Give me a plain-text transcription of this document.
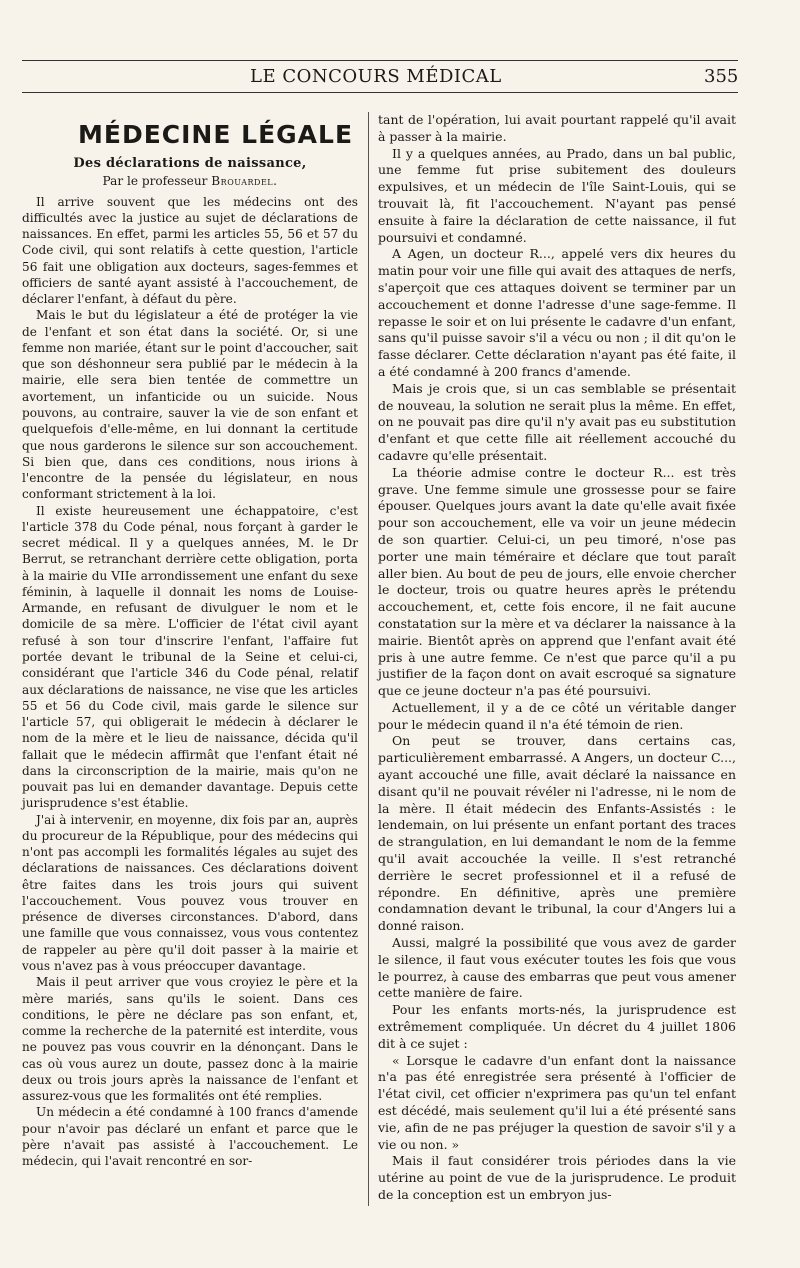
LE CONCOURS MÉDICAL	355
MÉDECINE LÉGALE
Des déclarations de naissance,
Par le professeur Brouardel.

Il arrive souvent que les médecins ont des difficultés avec la justice au sujet de déclarations de naissances. En effet, parmi les articles 55, 56 et 57 du Code civil, qui sont relatifs à cette question, l'article 56 fait une obligation aux docteurs, sages-femmes et officiers de santé ayant assisté à l'accouchement, de déclarer l'enfant, à défaut du père.

Mais le but du législateur a été de protéger la vie de l'enfant et son état dans la société. Or, si une femme non mariée, étant sur le point d'accoucher, sait que son déshonneur sera publié par le médecin à la mairie, elle sera bien tentée de commettre un avortement, un infanticide ou un suicide. Nous pouvons, au contraire, sauver la vie de son enfant et quelquefois d'elle-même, en lui donnant la certitude que nous garderons le silence sur son accouchement. Si bien que, dans ces conditions, nous irions à l'encontre de la pensée du législateur, en nous conformant strictement à la loi.

Il existe heureusement une échappatoire, c'est l'article 378 du Code pénal, nous forçant à garder le secret médical. Il y a quelques années, M. le Dr Berrut, se retranchant derrière cette obligation, porta à la mairie du VIIe arrondissement une enfant du sexe féminin, à laquelle il donnait les noms de Louise-Armande, en refusant de divulguer le nom et le domicile de sa mère. L'officier de l'état civil ayant refusé à son tour d'inscrire l'enfant, l'affaire fut portée devant le tribunal de la Seine et celui-ci, considérant que l'article 346 du Code pénal, relatif aux déclarations de naissance, ne vise que les articles 55 et 56 du Code civil, mais garde le silence sur l'article 57, qui obligerait le médecin à déclarer le nom de la mère et le lieu de naissance, décida qu'il fallait que le médecin affirmât que l'enfant était né dans la circonscription de la mairie, mais qu'on ne pouvait pas lui en demander davantage. Depuis cette jurisprudence s'est établie.

J'ai à intervenir, en moyenne, dix fois par an, auprès du procureur de la République, pour des médecins qui n'ont pas accompli les formalités légales au sujet des déclarations de naissances. Ces déclarations doivent être faites dans les trois jours qui suivent l'accouchement. Vous pouvez vous trouver en présence de diverses circonstances. D'abord, dans une famille que vous connaissez, vous vous contentez de rappeler au père qu'il doit passer à la mairie et vous n'avez pas à vous préoccuper davantage.

Mais il peut arriver que vous croyiez le père et la mère mariés, sans qu'ils le soient. Dans ces conditions, le père ne déclare pas son enfant, et, comme la recherche de la paternité est interdite, vous ne pouvez pas vous couvrir en la dénonçant. Dans le cas où vous aurez un doute, passez donc à la mairie deux ou trois jours après la naissance de l'enfant et assurez-vous que les formalités ont été remplies.

Un médecin a été condamné à 100 francs d'amende pour n'avoir pas déclaré un enfant et parce que le père n'avait pas assisté à l'accouchement. Le médecin, qui l'avait rencontré en sor-

tant de l'opération, lui avait pourtant rappelé qu'il avait à passer à la mairie.

Il y a quelques années, au Prado, dans un bal public, une femme fut prise subitement des douleurs expulsives, et un médecin de l'île Saint-Louis, qui se trouvait là, fit l'accouchement. N'ayant pas pensé ensuite à faire la déclaration de cette naissance, il fut poursuivi et condamné.

A Agen, un docteur R..., appelé vers dix heures du matin pour voir une fille qui avait des attaques de nerfs, s'aperçoit que ces attaques doivent se terminer par un accouchement et donne l'adresse d'une sage-femme. Il repasse le soir et on lui présente le cadavre d'un enfant, sans qu'il puisse savoir s'il a vécu ou non ; il dit qu'on le fasse déclarer. Cette déclaration n'ayant pas été faite, il a été condamné à 200 francs d'amende.

Mais je crois que, si un cas semblable se présentait de nouveau, la solution ne serait plus la même. En effet, on ne pouvait pas dire qu'il n'y avait pas eu substitution d'enfant et que cette fille ait réellement accouché du cadavre qu'elle présentait.

La théorie admise contre le docteur R... est très grave. Une femme simule une grossesse pour se faire épouser. Quelques jours avant la date qu'elle avait fixée pour son accouchement, elle va voir un jeune médecin de son quartier. Celui-ci, un peu timoré, n'ose pas porter une main téméraire et déclare que tout paraît aller bien. Au bout de peu de jours, elle envoie chercher le docteur, trois ou quatre heures après le prétendu accouchement, et, cette fois encore, il ne fait aucune constatation sur la mère et va déclarer la naissance à la mairie. Bientôt après on apprend que l'enfant avait été pris à une autre femme. Ce n'est que parce qu'il a pu justifier de la façon dont on avait escroqué sa signature que ce jeune docteur n'a pas été poursuivi.

Actuellement, il y a de ce côté un véritable danger pour le médecin quand il n'a été témoin de rien.

On peut se trouver, dans certains cas, particulièrement embarrassé. A Angers, un docteur C..., ayant accouché une fille, avait déclaré la naissance en disant qu'il ne pouvait révéler ni l'adresse, ni le nom de la mère. Il était médecin des Enfants-Assistés : le lendemain, on lui présente un enfant portant des traces de strangulation, en lui demandant le nom de la femme qu'il avait accouchée la veille. Il s'est retranché derrière le secret professionnel et il a refusé de répondre. En définitive, après une première condamnation devant le tribunal, la cour d'Angers lui a donné raison.

Aussi, malgré la possibilité que vous avez de garder le silence, il faut vous exécuter toutes les fois que vous le pourrez, à cause des embarras que peut vous amener cette manière de faire.

Pour les enfants morts-nés, la jurisprudence est extrêmement compliquée. Un décret du 4 juillet 1806 dit à ce sujet :

« Lorsque le cadavre d'un enfant dont la naissance n'a pas été enregistrée sera présenté à l'officier de l'état civil, cet officier n'exprimera pas qu'un tel enfant est décédé, mais seulement qu'il lui a été présenté sans vie, afin de ne pas préjuger la question de savoir s'il y a vie ou non. »

Mais il faut considérer trois périodes dans la vie utérine au point de vue de la jurisprudence. Le produit de la conception est un embryon jus-
